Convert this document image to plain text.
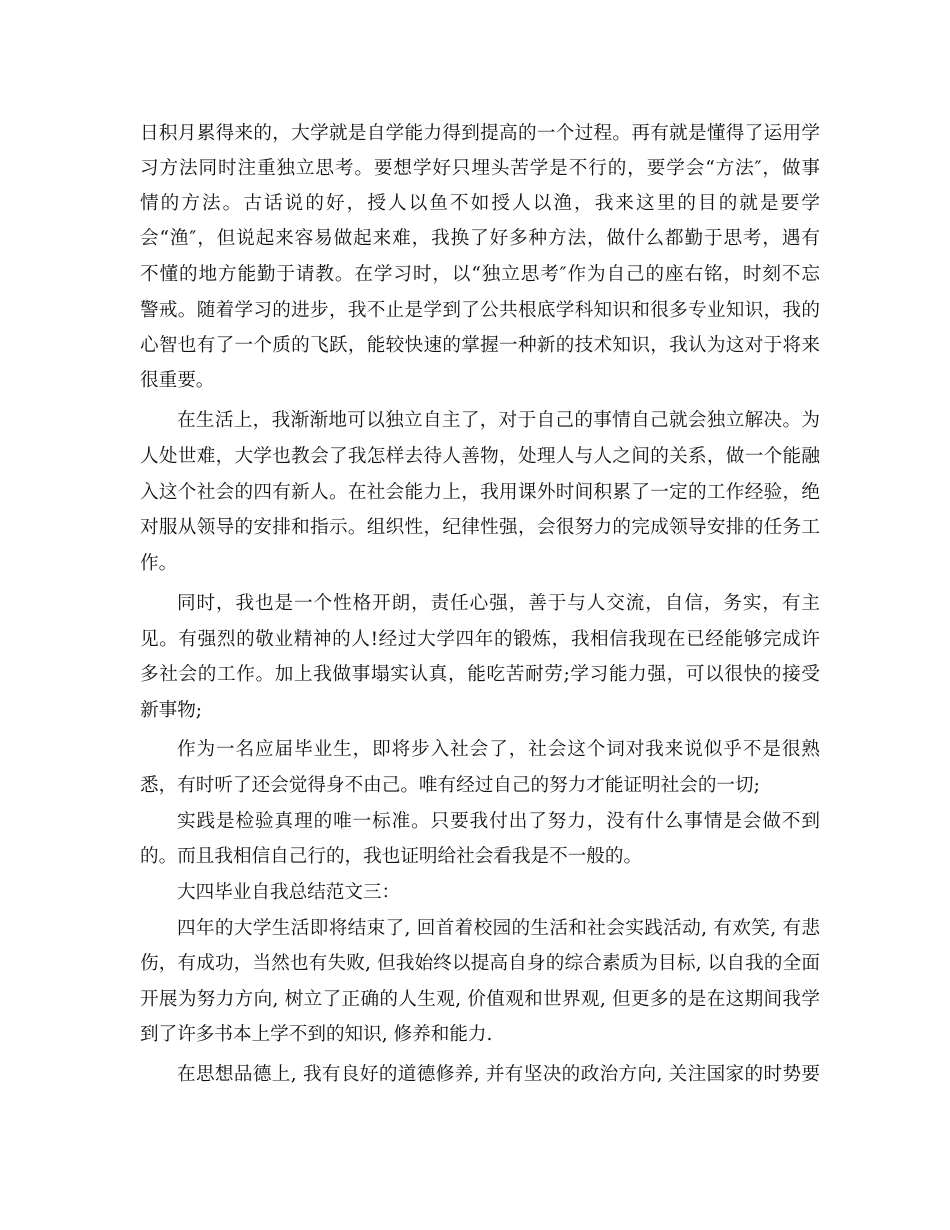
日积月累得来的，大学就是自学能力得到提高的一个过程。再有就是懂得了运用学
习方法同时注重独立思考。要想学好只埋头苦学是不行的，要学会“方法″，做事
情的方法。古话说的好，授人以鱼不如授人以渔，我来这里的目的就是要学
会“渔″，但说起来容易做起来难，我换了好多种方法，做什么都勤于思考，遇有
不懂的地方能勤于请教。在学习时，以“独立思考″作为自己的座右铭，时刻不忘
警戒。随着学习的进步，我不止是学到了公共根底学科知识和很多专业知识，我的
心智也有了一个质的飞跃，能较快速的掌握一种新的技术知识，我认为这对于将来
很重要。
在生活上，我渐渐地可以独立自主了，对于自己的事情自己就会独立解决。为
人处世难，大学也教会了我怎样去待人善物，处理人与人之间的关系，做一个能融
入这个社会的四有新人。在社会能力上，我用课外时间积累了一定的工作经验，绝
对服从领导的安排和指示。组织性，纪律性强，会很努力的完成领导安排的任务工
作。
同时，我也是一个性格开朗，责任心强，善于与人交流，自信，务实，有主
见。有强烈的敬业精神的人!经过大学四年的锻炼，我相信我现在已经能够完成许
多社会的工作。加上我做事塌实认真，能吃苦耐劳;学习能力强，可以很快的接受
新事物;
作为一名应届毕业生，即将步入社会了，社会这个词对我来说似乎不是很熟
悉，有时听了还会觉得身不由己。唯有经过自己的努力才能证明社会的一切;
实践是检验真理的唯一标准。只要我付出了努力，没有什么事情是会做不到
的。而且我相信自己行的，我也证明给社会看我是不一般的。
大四毕业自我总结范文三：
四年的大学生活即将结束了, 回首着校园的生活和社会实践活动, 有欢笑, 有悲
伤，有成功，当然也有失败, 但我始终以提高自身的综合素质为目标, 以自我的全面
开展为努力方向, 树立了正确的人生观, 价值观和世界观, 但更多的是在这期间我学
到了许多书本上学不到的知识, 修养和能力.
在思想品德上, 我有良好的道德修养, 并有坚决的政治方向, 关注国家的时势要
